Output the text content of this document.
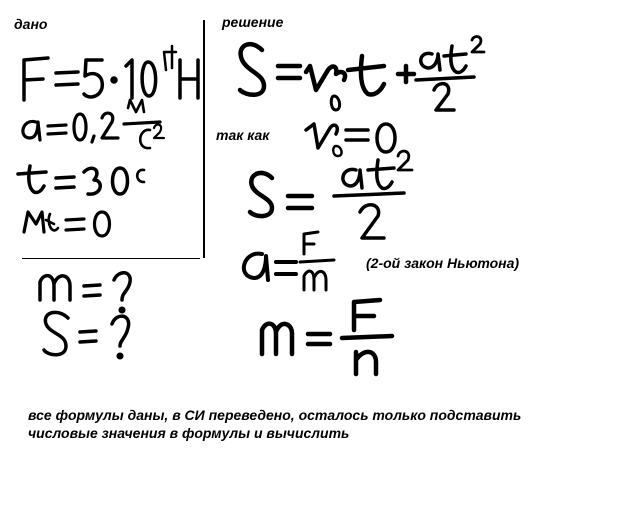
дано	решение
так как
(2-ой закон Ньютона)
все формулы даны, в СИ переведено, осталось только подставить
числовые значения в формулы и вычислить
